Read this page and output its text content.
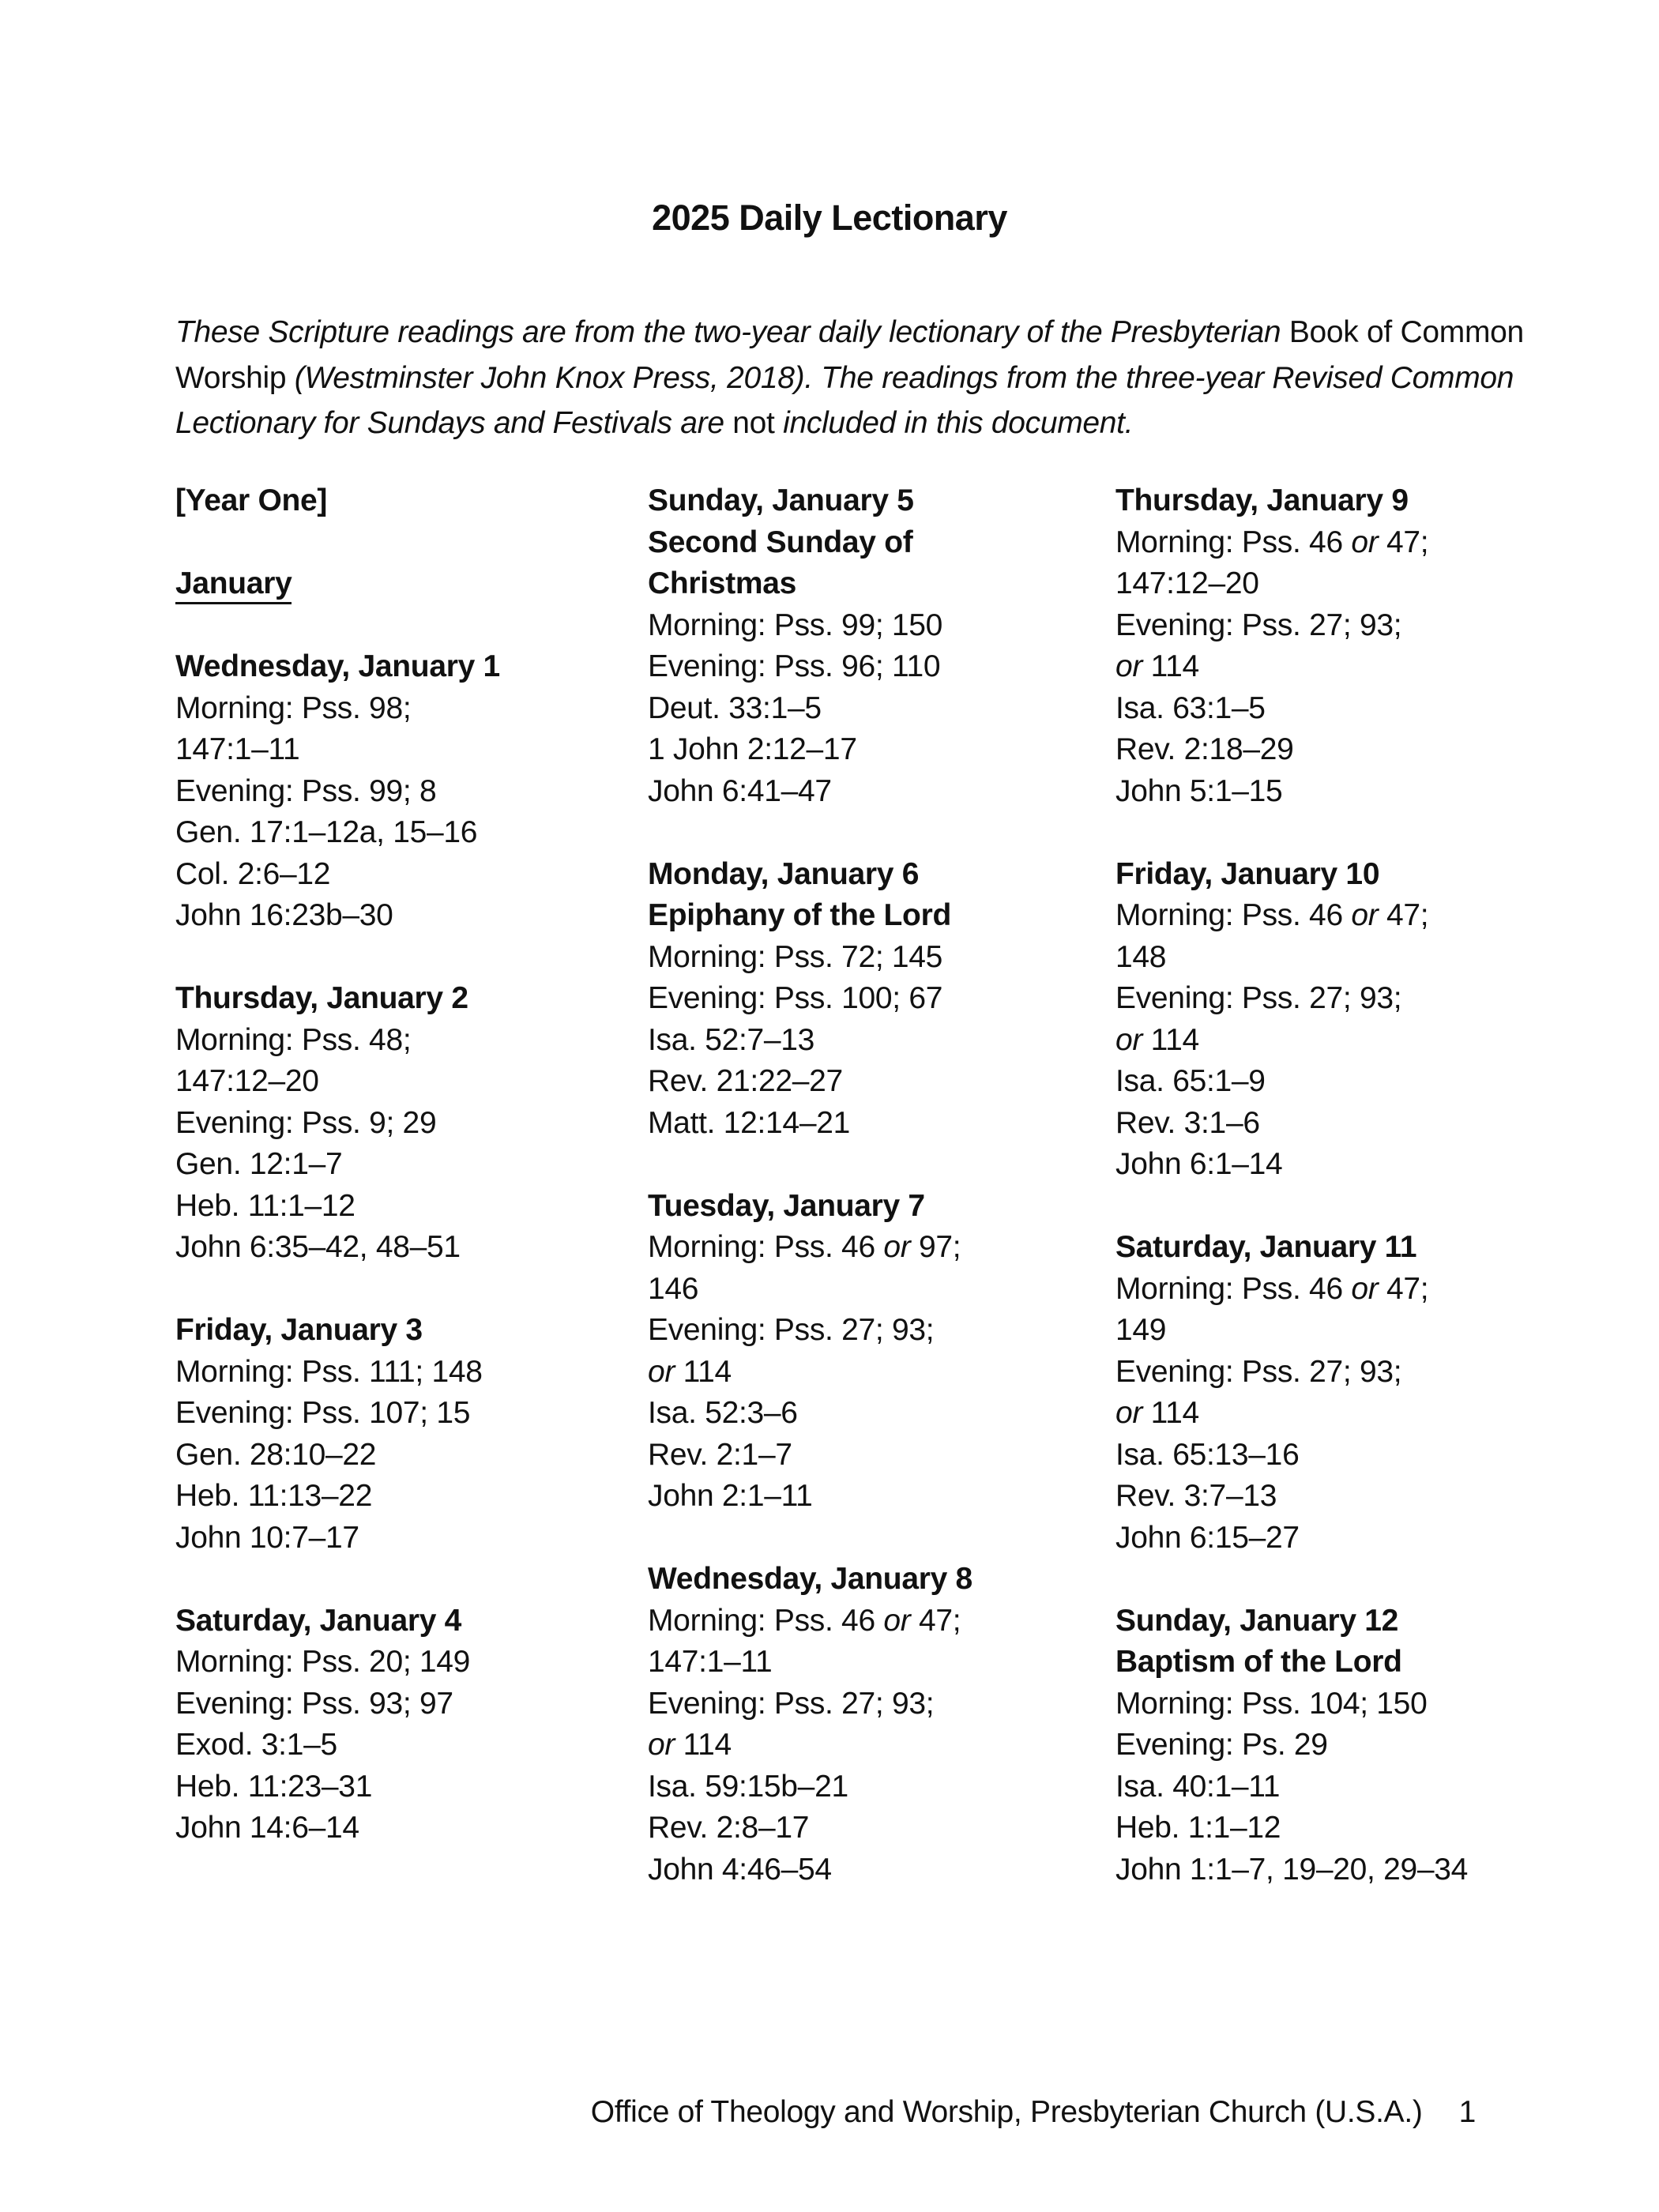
2025 Daily Lectionary
These Scripture readings are from the two-year daily lectionary of the Presbyterian Book of Common
Worship (Westminster John Knox Press, 2018). The readings from the three-year Revised Common
Lectionary for Sundays and Festivals are not included in this document.
[Year One]
January
Wednesday, January 1
Morning: Pss. 98;
147:1–11
Evening: Pss. 99; 8
Gen. 17:1–12a, 15–16
Col. 2:6–12
John 16:23b–30
Thursday, January 2
Morning: Pss. 48;
147:12–20
Evening: Pss. 9; 29
Gen. 12:1–7
Heb. 11:1–12
John 6:35–42, 48–51
Friday, January 3
Morning: Pss. 111; 148
Evening: Pss. 107; 15
Gen. 28:10–22
Heb. 11:13–22
John 10:7–17
Saturday, January 4
Morning: Pss. 20; 149
Evening: Pss. 93; 97
Exod. 3:1–5
Heb. 11:23–31
John 14:6–14
Sunday, January 5
Second Sunday of
Christmas
Morning: Pss. 99; 150
Evening: Pss. 96; 110
Deut. 33:1–5
1 John 2:12–17
John 6:41–47
Monday, January 6
Epiphany of the Lord
Morning: Pss. 72; 145
Evening: Pss. 100; 67
Isa. 52:7–13
Rev. 21:22–27
Matt. 12:14–21
Tuesday, January 7
Morning: Pss. 46 or 97;
146
Evening: Pss. 27; 93;
or 114
Isa. 52:3–6
Rev. 2:1–7
John 2:1–11
Wednesday, January 8
Morning: Pss. 46 or 47;
147:1–11
Evening: Pss. 27; 93;
or 114
Isa. 59:15b–21
Rev. 2:8–17
John 4:46–54
Thursday, January 9
Morning: Pss. 46 or 47;
147:12–20
Evening: Pss. 27; 93;
or 114
Isa. 63:1–5
Rev. 2:18–29
John 5:1–15
Friday, January 10
Morning: Pss. 46 or 47;
148
Evening: Pss. 27; 93;
or 114
Isa. 65:1–9
Rev. 3:1–6
John 6:1–14
Saturday, January 11
Morning: Pss. 46 or 47;
149
Evening: Pss. 27; 93;
or 114
Isa. 65:13–16
Rev. 3:7–13
John 6:15–27
Sunday, January 12
Baptism of the Lord
Morning: Pss. 104; 150
Evening: Ps. 29
Isa. 40:1–11
Heb. 1:1–12
John 1:1–7, 19–20, 29–34
Office of Theology and Worship, Presbyterian Church (U.S.A.) 1
